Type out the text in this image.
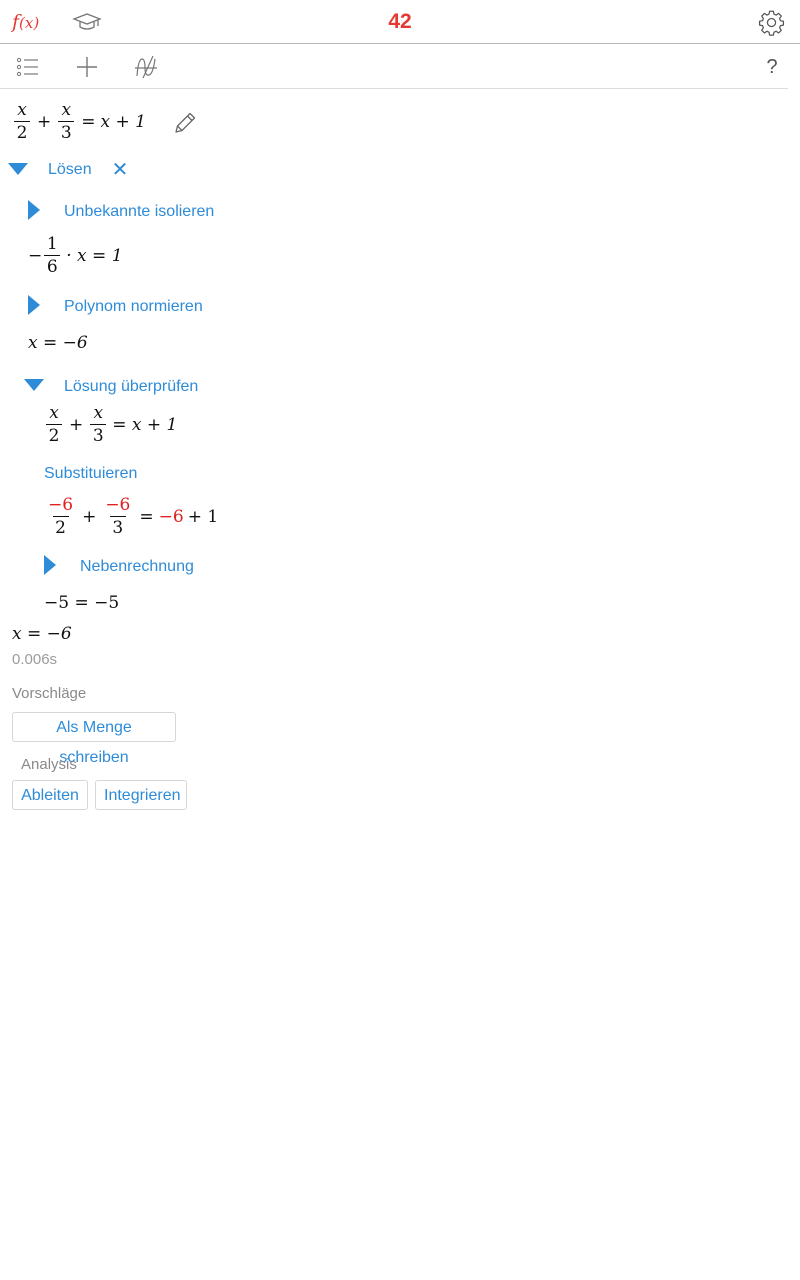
f(x)	42
?
$\frac{x}{2} + \frac{x}{3} = x + 1$
Lösen ✕
Unbekannte isolieren
− $\frac{1}{6} \cdot x = 1$
Polynom normieren
x = −6
Lösung überprüfen
$\frac{x}{2} + \frac{x}{3} = x + 1$
Substituieren
$\frac{-6}{2} + \frac{-6}{3} = -6 + 1$
Nebenrechnung
−5 = −5
x = −6
0.006s
Vorschläge
Als Menge schreiben
Analysis
Ableiten	Integrieren
